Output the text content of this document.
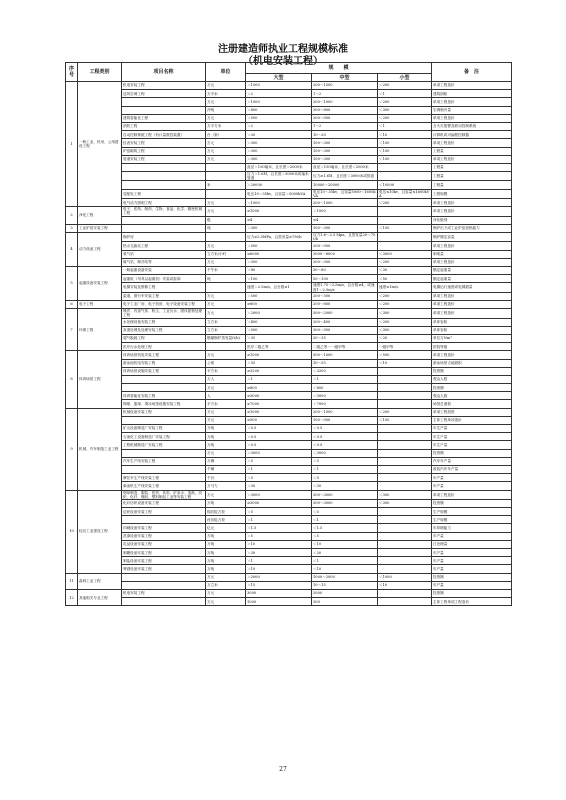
注册建造师执业工程规模标准
（机电安装工程）
序号	工程类别	项目名称	单位	规　　模			备　注
				大型	中型	小型	
1	一般工业、民用、公用建设工程	机电安装工程	万元	＞1500	200～1500	＜200	单项工程造价
		送风空调工程	万平米	＞2	1～2	＜1	建筑面积
			万元	＞1000	200～1000	＜200	单项工程造价
			冷吨	＞800	300～800	＜300	空调制冷量
		建筑智能化工程	万元	＞500	200～500	＜200	单项工程造价
		消防工程	万平方米	＞2	1～2	＜1	含火灾报警及联动控制系统
		自动控制系统工程（有计量数控装置）	台（套）	＞30	10～30	＜10	计算机或可编程控制器
		仪表安装工程	万元	＞300	100～300	＜100	单项工程造价
		炉窑砌筑工程	万元	＞300	100～300	＜100	工程量
		管道安装工程	万元	＞300	100～300	＜100	单项工程造价
				直径＞150毫米，且长度＞2000米	直径＞150毫米，且长度＜2000米		工程量
				压力＞1.6Ｍ，且长度＞3000米或毫米管道	压力≥1.6Ｍ，且长度＜3000米或管道		工程量
			米	＞20000	10000～20000	＜10000	工程量
		变配电工程		电压10～35kv，且容量＞5000kVA	电压10～35kv，且容量5000～1600kVA	电压≤10kv，且容量≤1600kVA	工程规模
		电气动力照明工程	万元	＞1000	200～1000	＜200	单项工程造价
2	净化工程	电子、医药、制药、生物、食品、化学、精密机械工程	万元	≥1000	＜1000		单项工程造价
			级	≥4	≤4		净化级别
3	工业炉窑安装工程		吨	＞300	100～300	＜100	锅炉出力或工业炉窑加热能力
4	动力设备工程	锅炉房		压力≥2.5MPa，且蒸发量≥75t/h	压力1.6～2.5 Mpa，且蒸发量20～75t/h		锅炉额定容量
		热水交换站工程	万元	＞500	200～500		单项工程造价
		氧气站	立方米/小时	≥6000	3000～6000	＜3000	制氧量
		煤气站、制冷站等	万元	＞300	200～300	＜200	单项工程造价
5	起重设备安装工程	一般起重设备安装	千牛米	＞80	30～80	＜30	额定起重量
		起重机（吊具以起重机）安装或拆卸	吨	＞100	50～100	＜50	额定起重量
		电梯安装及维修工程		速度＞2.5m/s，且台数≥1	速度1.75～2.5m/s，且台数≥4，或速度1～2.5m/s	速度≤1m/s	电梯运行速度或电梯数量
		索道、滑行车安装工程	万元	＞500	200～500	＜200	单项工程造价
6	电子工程	电子工业厂房、电子机房、电子设备安装工程	万元	≥800	200～800	＜200	单项工程造价
7	环保工程	噪声、有害气体、粉尘、工业污水、固体废物处理工程	万元	＞2000	300～2000	＜300	单项工程造价
		水处理设备安装工程	立方米	＞400	200～400	＜200	单体容积
		灰渣处理及处理安装工程	立方米	＞500	300～500	＜300	单体容积
		超气脱硫工程	燃煤锅炉蒸发量(t/h)	＞35	20～35	＜20	单位万Nm³
		医疗污水处理工程		医疗二级乙等	二级乙等～一级甲等	一级甲等	医院等级
8	体育场馆工程	体育场馆机电安装工程	万元	≥1000	500～1000	＜500	单项工程造价
		游泳池机电安装工程	公顷	＞55	10～55	＜10	游泳场馆占地面积
		体育场馆设施安装工程	平方米	≥3200	＜3200		投资额
			万人	＞1	＜1		观众人数
			万元	≥800	＜800		投资额
		体育智能化安装工程	人	≥3000	＜3000		观众人数
		网球、篮球、滑冰场馆设施安装工程	平方米	≥7000	＜7000		场馆总面积
9	机械、汽车制造工业工程	机械设备安装工程	万元	≥1000	200～1000	＜200	单项工程投资
			万元	≥500	100～500	＜100	主体工程单项造价
		矿山设备制造厂安装工程	万吨	＞0.5	＜0.5		年生产量
		石油化工设备制造厂安装工程	万吨	＞0.5	＜0.5		年生产量
		工程机械制造厂安装工程	万吨	＞0.5	＜0.5		年生产量
			万元	＞3000	＜3000		投资额
		汽车生产线安装工程	万辆	＞5	＜5		汽车年产量
			千辆	＞1	＜1		改装汽车年产量
		摩托车生产线安装工程	千台	＞5	＜5		年产量
		柴油机生产线安装工程	万马力	＞30	＜30		年产量
10	轻纺工业建设工程	烟草制造、服装、医药、饮料、矿泉水、造纸、纺织、化纤、橡胶、塑料制品工业等安装工程	万元	＞3000	300～3000	＜300	单项工程造价
		化纤纺织设备安装工程	万吨	≥3000	300～3000	＜300	投资额
		纺织设备安装工程	棉纺锭万枚	＞5	＜5		生产规模
			丝纺锭万枚	＞1	＜1		生产规模
		印刷设备安装工程	亿元	＞1.5	＜1.5		年印刷能力
		洗涤设备安装工程	万吨	＞5	＜5		年产量
		乳品设备安装工程	万吨	＞10	＜10		日处理量
		制糖设备安装工程	万吨	＞30	＜30		年产量
		制盐设备安装工程	万吨	＞1	＜1		年产量
		啤酒设备安装工程	万吨	＞10	＜10		年产量
11	森林工业工程		万元	＞2000	1000～2000	＜1000	投资额
			万立米	＞15	10～15	＜10	年产量
12	其他相关专业工程	机电安装工程	万元	3000	2000		投资额
			万元	1000	300		主体工程单项工程造价
27
